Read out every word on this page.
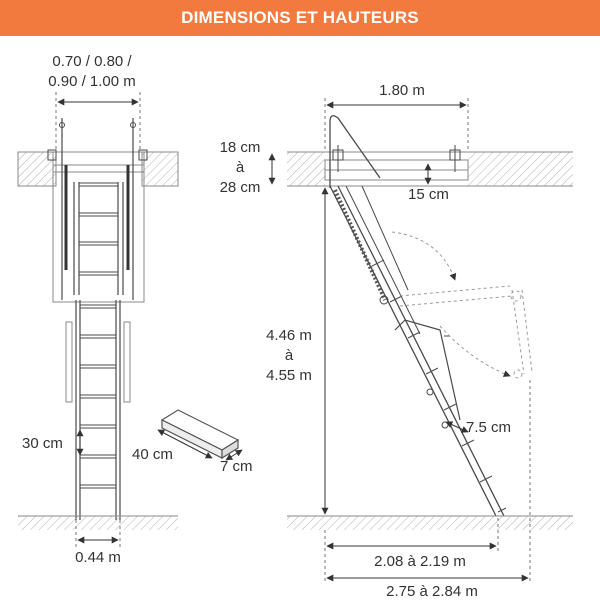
DIMENSIONS ET HAUTEURS
0.70 / 0.80 /
0.90 / 1.00 m
30 cm
0.44 m
40 cm
7 cm
1.80 m
18 cm
à
28 cm	15 cm
7.5 cm
4.46 m
à
4.55 m
2.08 à 2.19 m
2.75 à 2.84 m
